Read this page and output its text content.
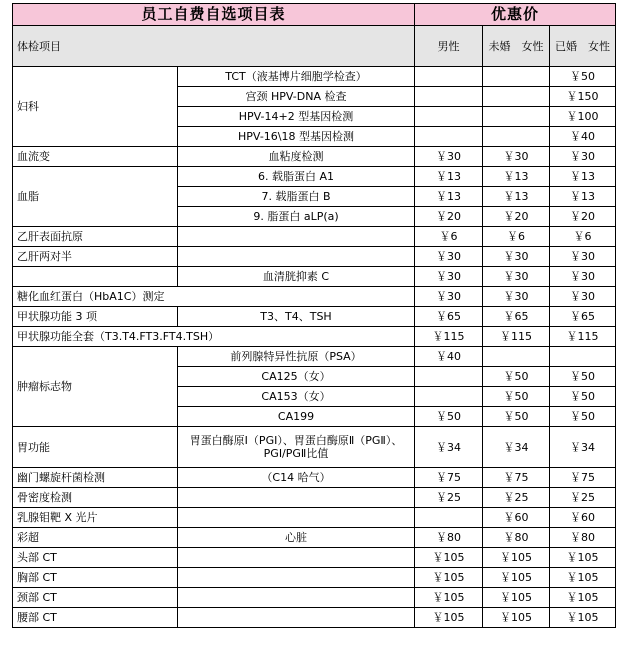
员工自费自选项目表		优惠价		
体检项目		男性	未婚　女性	已婚　女性
妇科	TCT（液基博片细胞学检查）			￥50
	宫颈 HPV-DNA 检查			￥150
	HPV-14+2 型基因检测			￥100
	HPV-16\18 型基因检测			￥40
血流变	血粘度检测	￥30	￥30	￥30
血脂	6. 载脂蛋白 A1	￥13	￥13	￥13
	7. 载脂蛋白 B	￥13	￥13	￥13
	9. 脂蛋白 aLP(a)	￥20	￥20	￥20
乙肝表面抗原		￥6	￥6	￥6
乙肝两对半		￥30	￥30	￥30
	血清胱抑素 C	￥30	￥30	￥30
糖化血红蛋白（HbA1C）测定		￥30	￥30	￥30
甲状腺功能 3 项	T3、T4、TSH	￥65	￥65	￥65
甲状腺功能全套（T3.T4.FT3.FT4.TSH）		￥115	￥115	￥115
肿瘤标志物	前列腺特异性抗原（PSA）	￥40		
	CA125（女）		￥50	￥50
	CA153（女）		￥50	￥50
	CA199	￥50	￥50	￥50
胃功能	胃蛋白酶原Ⅰ（PGⅠ）、胃蛋白酶原Ⅱ（PGⅡ）、PGⅠ/PGⅡ比值	￥34	￥34	￥34
幽门螺旋杆菌检测	（C14 哈气）	￥75	￥75	￥75
骨密度检测		￥25	￥25	￥25
乳腺钼靶 X 光片			￥60	￥60
彩超	心脏	￥80	￥80	￥80
头部 CT		￥105	￥105	￥105
胸部 CT		￥105	￥105	￥105
颈部 CT		￥105	￥105	￥105
腰部 CT		￥105	￥105	￥105
